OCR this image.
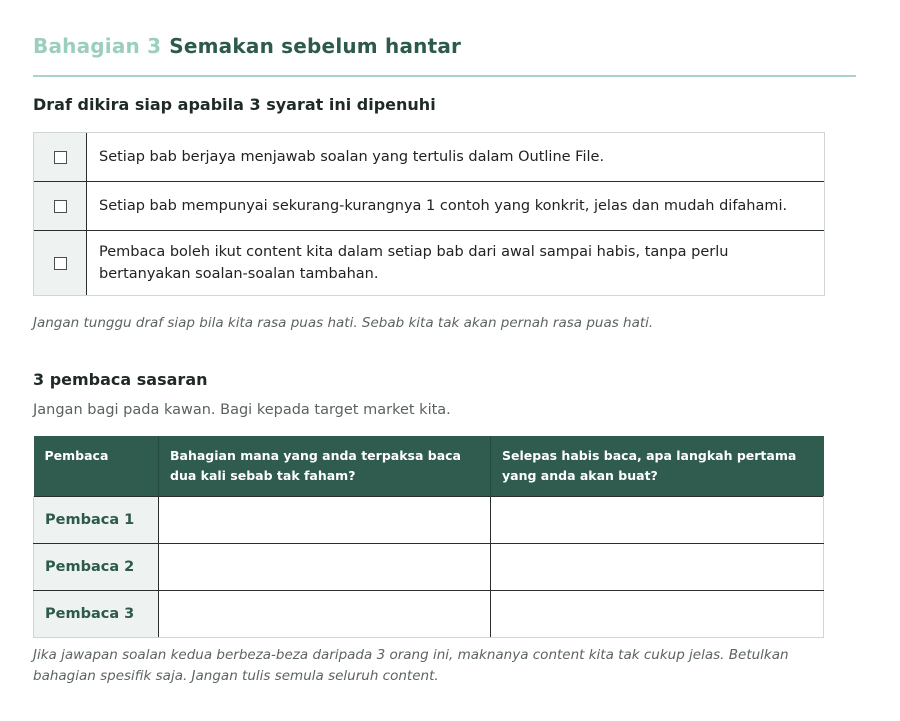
Bahagian 3 Semakan sebelum hantar
Draf dikira siap apabila 3 syarat ini dipenuhi
Setiap bab berjaya menjawab soalan yang tertulis dalam Outline File.
Setiap bab mempunyai sekurang-kurangnya 1 contoh yang konkrit, jelas dan mudah difahami.
Pembaca boleh ikut content kita dalam setiap bab dari awal sampai habis, tanpa perlu bertanyakan soalan-soalan tambahan.
Jangan tunggu draf siap bila kita rasa puas hati. Sebab kita tak akan pernah rasa puas hati.
3 pembaca sasaran
Jangan bagi pada kawan. Bagi kepada target market kita.
Pembaca	Bahagian mana yang anda terpaksa baca dua kali sebab tak faham?	Selepas habis baca, apa langkah pertama yang anda akan buat?
Pembaca 1		
Pembaca 2		
Pembaca 3		
Jika jawapan soalan kedua berbeza-beza daripada 3 orang ini, maknanya content kita tak cukup jelas. Betulkan bahagian spesifik saja. Jangan tulis semula seluruh content.
